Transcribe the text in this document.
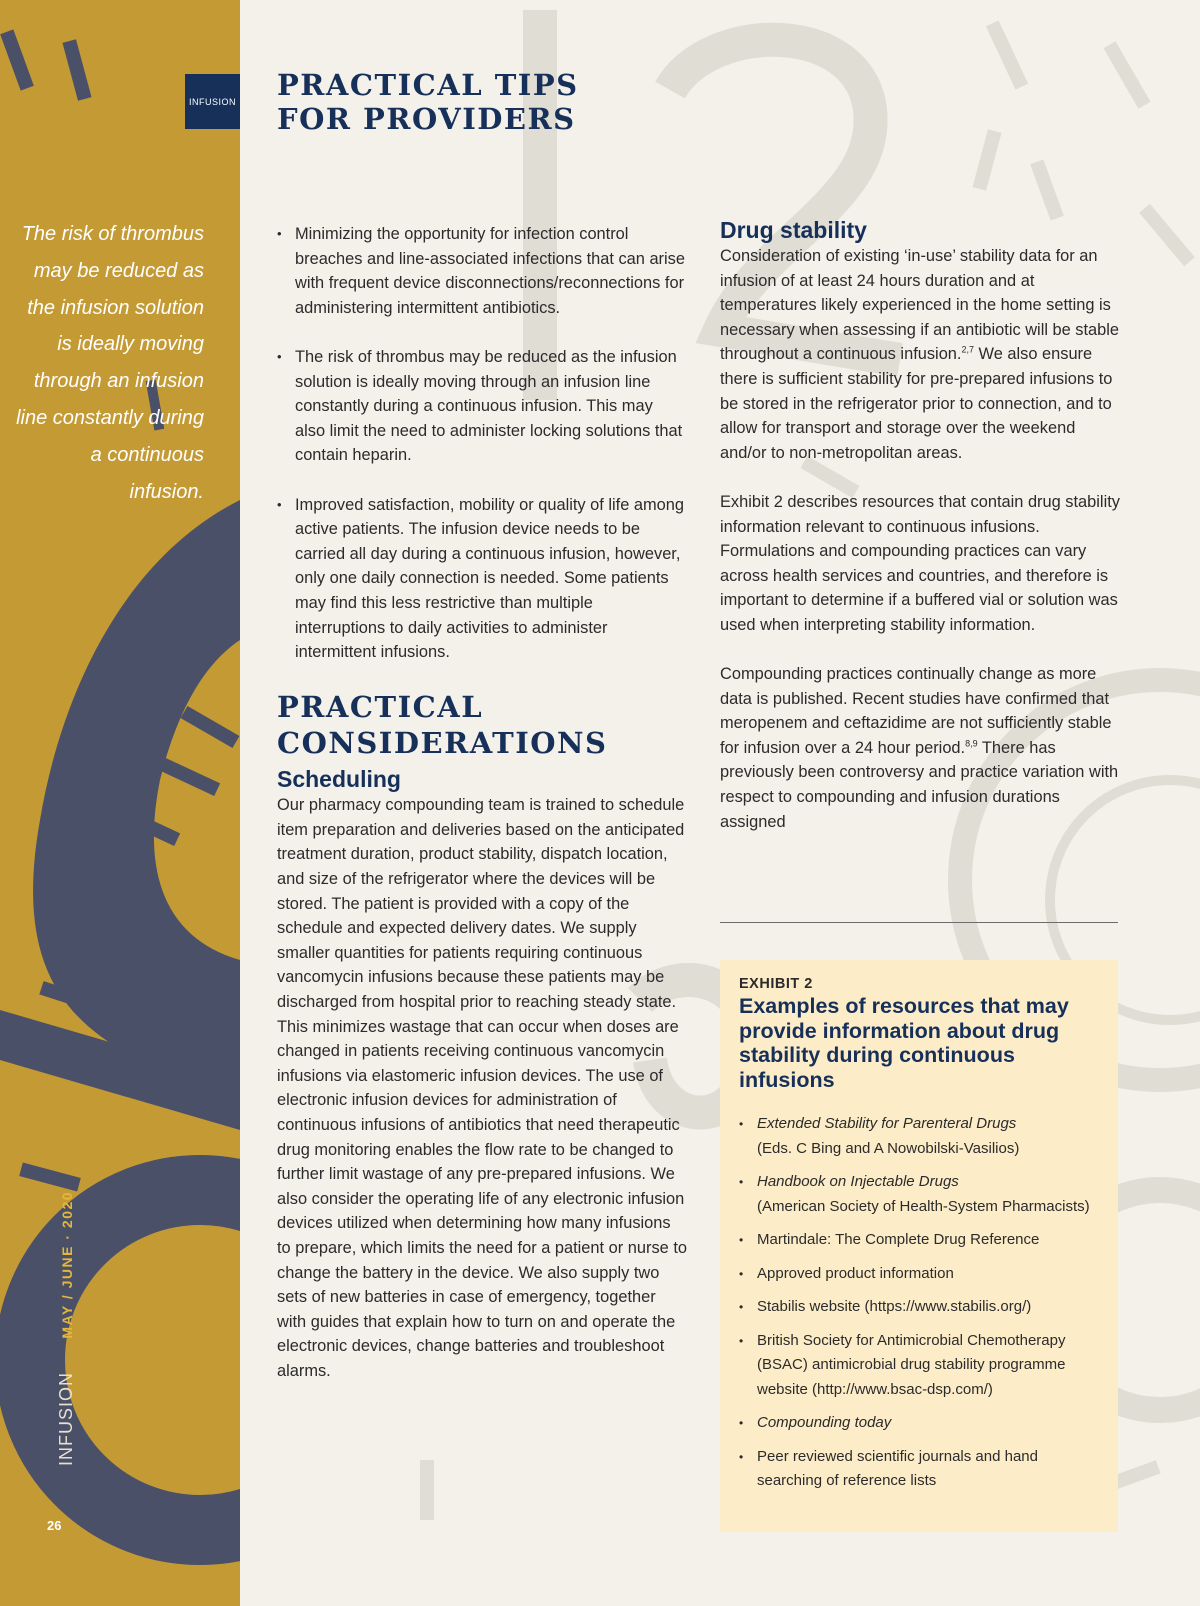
INFUSION
The risk of thrombus may be reduced as the infusion solution is ideally moving through an infusion line constantly during a continuous infusion.
INFUSION MAY / JUNE · 2020
26
PRACTICAL TIPS
FOR PROVIDERS
• Minimizing the opportunity for infection control breaches and line-associated infections that can arise with frequent device disconnections/reconnections for administering intermittent antibiotics.
• The risk of thrombus may be reduced as the infusion solution is ideally moving through an infusion line constantly during a continuous infusion. This may also limit the need to administer locking solutions that contain heparin.
• Improved satisfaction, mobility or quality of life among active patients. The infusion device needs to be carried all day during a continuous infusion, however, only one daily connection is needed. Some patients may find this less restrictive than multiple interruptions to daily activities to administer intermittent infusions.
PRACTICAL
CONSIDERATIONS
Scheduling

Our pharmacy compounding team is trained to schedule item preparation and deliveries based on the anticipated treatment duration, product stability, dispatch location, and size of the refrigerator where the devices will be stored. The patient is provided with a copy of the schedule and expected delivery dates. We supply smaller quantities for patients requiring continuous vancomycin infusions because these patients may be discharged from hospital prior to reaching steady state. This minimizes wastage that can occur when doses are changed in patients receiving continuous vancomycin infusions via elastomeric infusion devices. The use of electronic infusion devices for administration of continuous infusions of antibiotics that need therapeutic drug monitoring enables the flow rate to be changed to further limit wastage of any pre-prepared infusions. We also consider the operating life of any electronic infusion devices utilized when determining how many infusions to prepare, which limits the need for a patient or nurse to change the battery in the device. We also supply two sets of new batteries in case of emergency, together with guides that explain how to turn on and operate the electronic devices, change batteries and troubleshoot alarms.

Drug stability

Consideration of existing ‘in-use’ stability data for an infusion of at least 24 hours duration and at temperatures likely experienced in the home setting is necessary when assessing if an antibiotic will be stable throughout a continuous infusion.$^{2,7}$ We also ensure there is sufficient stability for pre-prepared infusions to be stored in the refrigerator prior to connection, and to allow for transport and storage over the weekend and/or to non-metropolitan areas.

Exhibit 2 describes resources that contain drug stability information relevant to continuous infusions. Formulations and compounding practices can vary across health services and countries, and therefore is important to determine if a buffered vial or solution was used when interpreting stability information.

Compounding practices continually change as more data is published. Recent studies have confirmed that meropenem and ceftazidime are not sufficiently stable for infusion over a 24 hour period.$^{8,9}$ There has previously been controversy and practice variation with respect to compounding and infusion durations assigned

EXHIBIT 2

Examples of resources that may provide information about drug stability during continuous infusions
• Extended Stability for Parenteral Drugs
(Eds. C Bing and A Nowobilski-Vasilios)
• Handbook on Injectable Drugs
(American Society of Health-System Pharmacists)
• Martindale: The Complete Drug Reference
• Approved product information
• Stabilis website (https://www.stabilis.org/)
• British Society for Antimicrobial Chemotherapy (BSAC) antimicrobial drug stability programme website (http://www.bsac-dsp.com/)
• Compounding today
• Peer reviewed scientific journals and hand searching of reference lists
